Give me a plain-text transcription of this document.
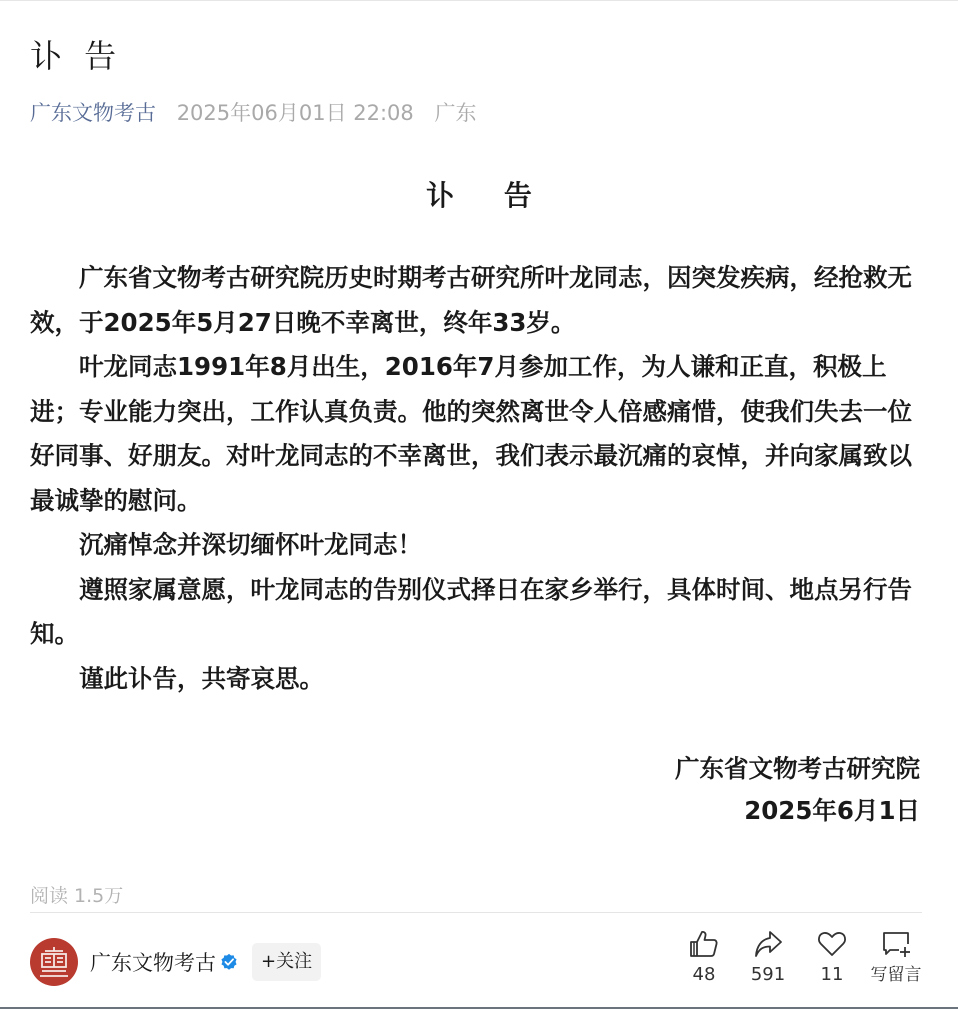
讣 告
广东文物考古 2025年06月01日 22:08 广东
讣 告

广东省文物考古研究院历史时期考古研究所叶龙同志，因突发疾病，经抢救无效，于2025年5月27日晚不幸离世，终年33岁。

叶龙同志1991年8月出生，2016年7月参加工作，为人谦和正直，积极上进；专业能力突出，工作认真负责。他的突然离世令人倍感痛惜，使我们失去一位好同事、好朋友。对叶龙同志的不幸离世，我们表示最沉痛的哀悼，并向家属致以最诚挚的慰问。

沉痛悼念并深切缅怀叶龙同志！

遵照家属意愿，叶龙同志的告别仪式择日在家乡举行，具体时间、地点另行告知。

谨此讣告，共寄哀思。

广东省文物考古研究院
2025年6月1日
阅读 1.5万
广东文物考古	+关注
48 591 11 写留言
